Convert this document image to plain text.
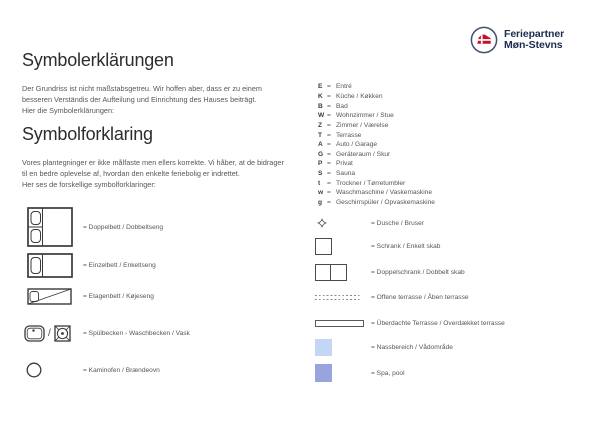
Feriepartner
Møn-Stevns
Symbolerklärungen
Der Grundriss ist nicht maßstabsgetreu. Wir hoffen aber, dass er zu einem
besseren Verständis der Aufteilung und Einrichtung des Hauses beiträgt.
Hier die Symbolerklärungen:
Symbolforklaring
Vores plantegninger er ikke målfaste men ellers korrekte. Vi håber, at de bidrager
til en bedre oplevelse af, hvordan den enkelte feriebolig er indrettet.
Her ses de forskellige symbolforklaringer:
E = Entré
K = Küche / Køkken
B = Bad
W = Wohnzimmer / Stue
Z = Zimmer / Værelse
T = Terrasse
A = Auto / Garage
G = Geräteraum / Skur
P = Privat
S = Sauna
t	= Trockner / Tørretumbler
w = Waschmaschine / Vaskemaskine
g = Geschirrspüler / Opvaskemaskine
= Doppelbett / Dobbeltseng
= Einzelbett / Enkeltseng
= Etagenbett / Køjeseng
/	= Spülbecken - Waschbecken / Vask
= Kaminofen / Brændeovn
= Dusche / Bruser
= Schrank / Enkelt skab
= Doppelschrank / Dobbelt skab
= Offene terrasse / Åben terrasse
= Überdachte Terrasse / Overdækket terrasse
= Nassbereich / Vådområde
= Spa, pool
